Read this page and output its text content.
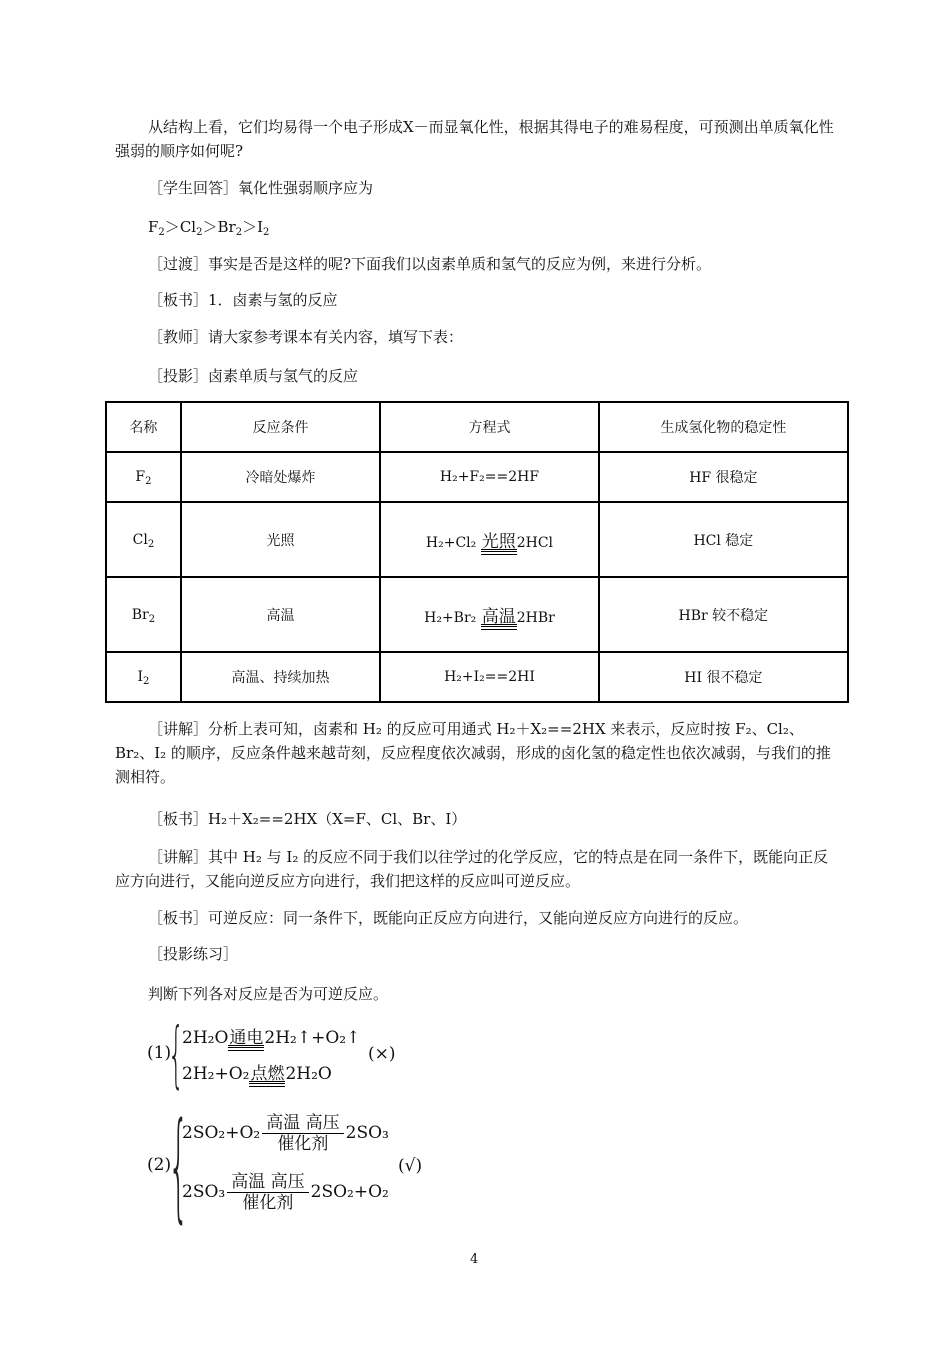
从结构上看，它们均易得一个电子形成X－而显氧化性，根据其得电子的难易程度，可预测出单质氧化性强弱的顺序如何呢?

［学生回答］氧化性强弱顺序应为

$F_2>Cl_2>Br_2>I_2$

［过渡］事实是否是这样的呢?下面我们以卤素单质和氢气的反应为例，来进行分析。

［板书］1．卤素与氢的反应

［教师］请大家参考课本有关内容，填写下表：

［投影］卤素单质与氢气的反应

名称	反应条件	方程式	生成氢化物的稳定性
$F_2$	冷暗处爆炸	H₂+F₂==2HF	HF 很稳定
$Cl_2$	光照	H₂+Cl₂ 光照2HCl	HCl 稳定
$Br_2$	高温	H₂+Br₂ 高温2HBr	HBr 较不稳定
$I_2$	高温、持续加热	H₂+I₂==2HI	HI 很不稳定

［讲解］分析上表可知，卤素和 H₂ 的反应可用通式 H₂＋X₂==2HX 来表示，反应时按 F₂、Cl₂、Br₂、I₂ 的顺序，反应条件越来越苛刻，反应程度依次减弱，形成的卤化氢的稳定性也依次减弱，与我们的推测相符。

［板书］H₂＋X₂==2HX（X=F、Cl、Br、I）

［讲解］其中 H₂ 与 I₂ 的反应不同于我们以往学过的化学反应，它的特点是在同一条件下，既能向正反应方向进行，又能向逆反应方向进行，我们把这样的反应叫可逆反应。

［板书］可逆反应：同一条件下，既能向正反应方向进行，又能向逆反应方向进行的反应。

［投影练习］

判断下列各对反应是否为可逆反应。

(1)
{
2H₂O通电2H₂↑+O₂↑
2H₂+O₂点燃2H₂O
(×)
(2)
{
$2SO_2+O_2 \frac{\text{高温 高压}}{\text{催化剂}} 2SO_3$
$2SO_3 \frac{\text{高温 高压}}{\text{催化剂}} 2SO_2+O_2$
(√)
4
